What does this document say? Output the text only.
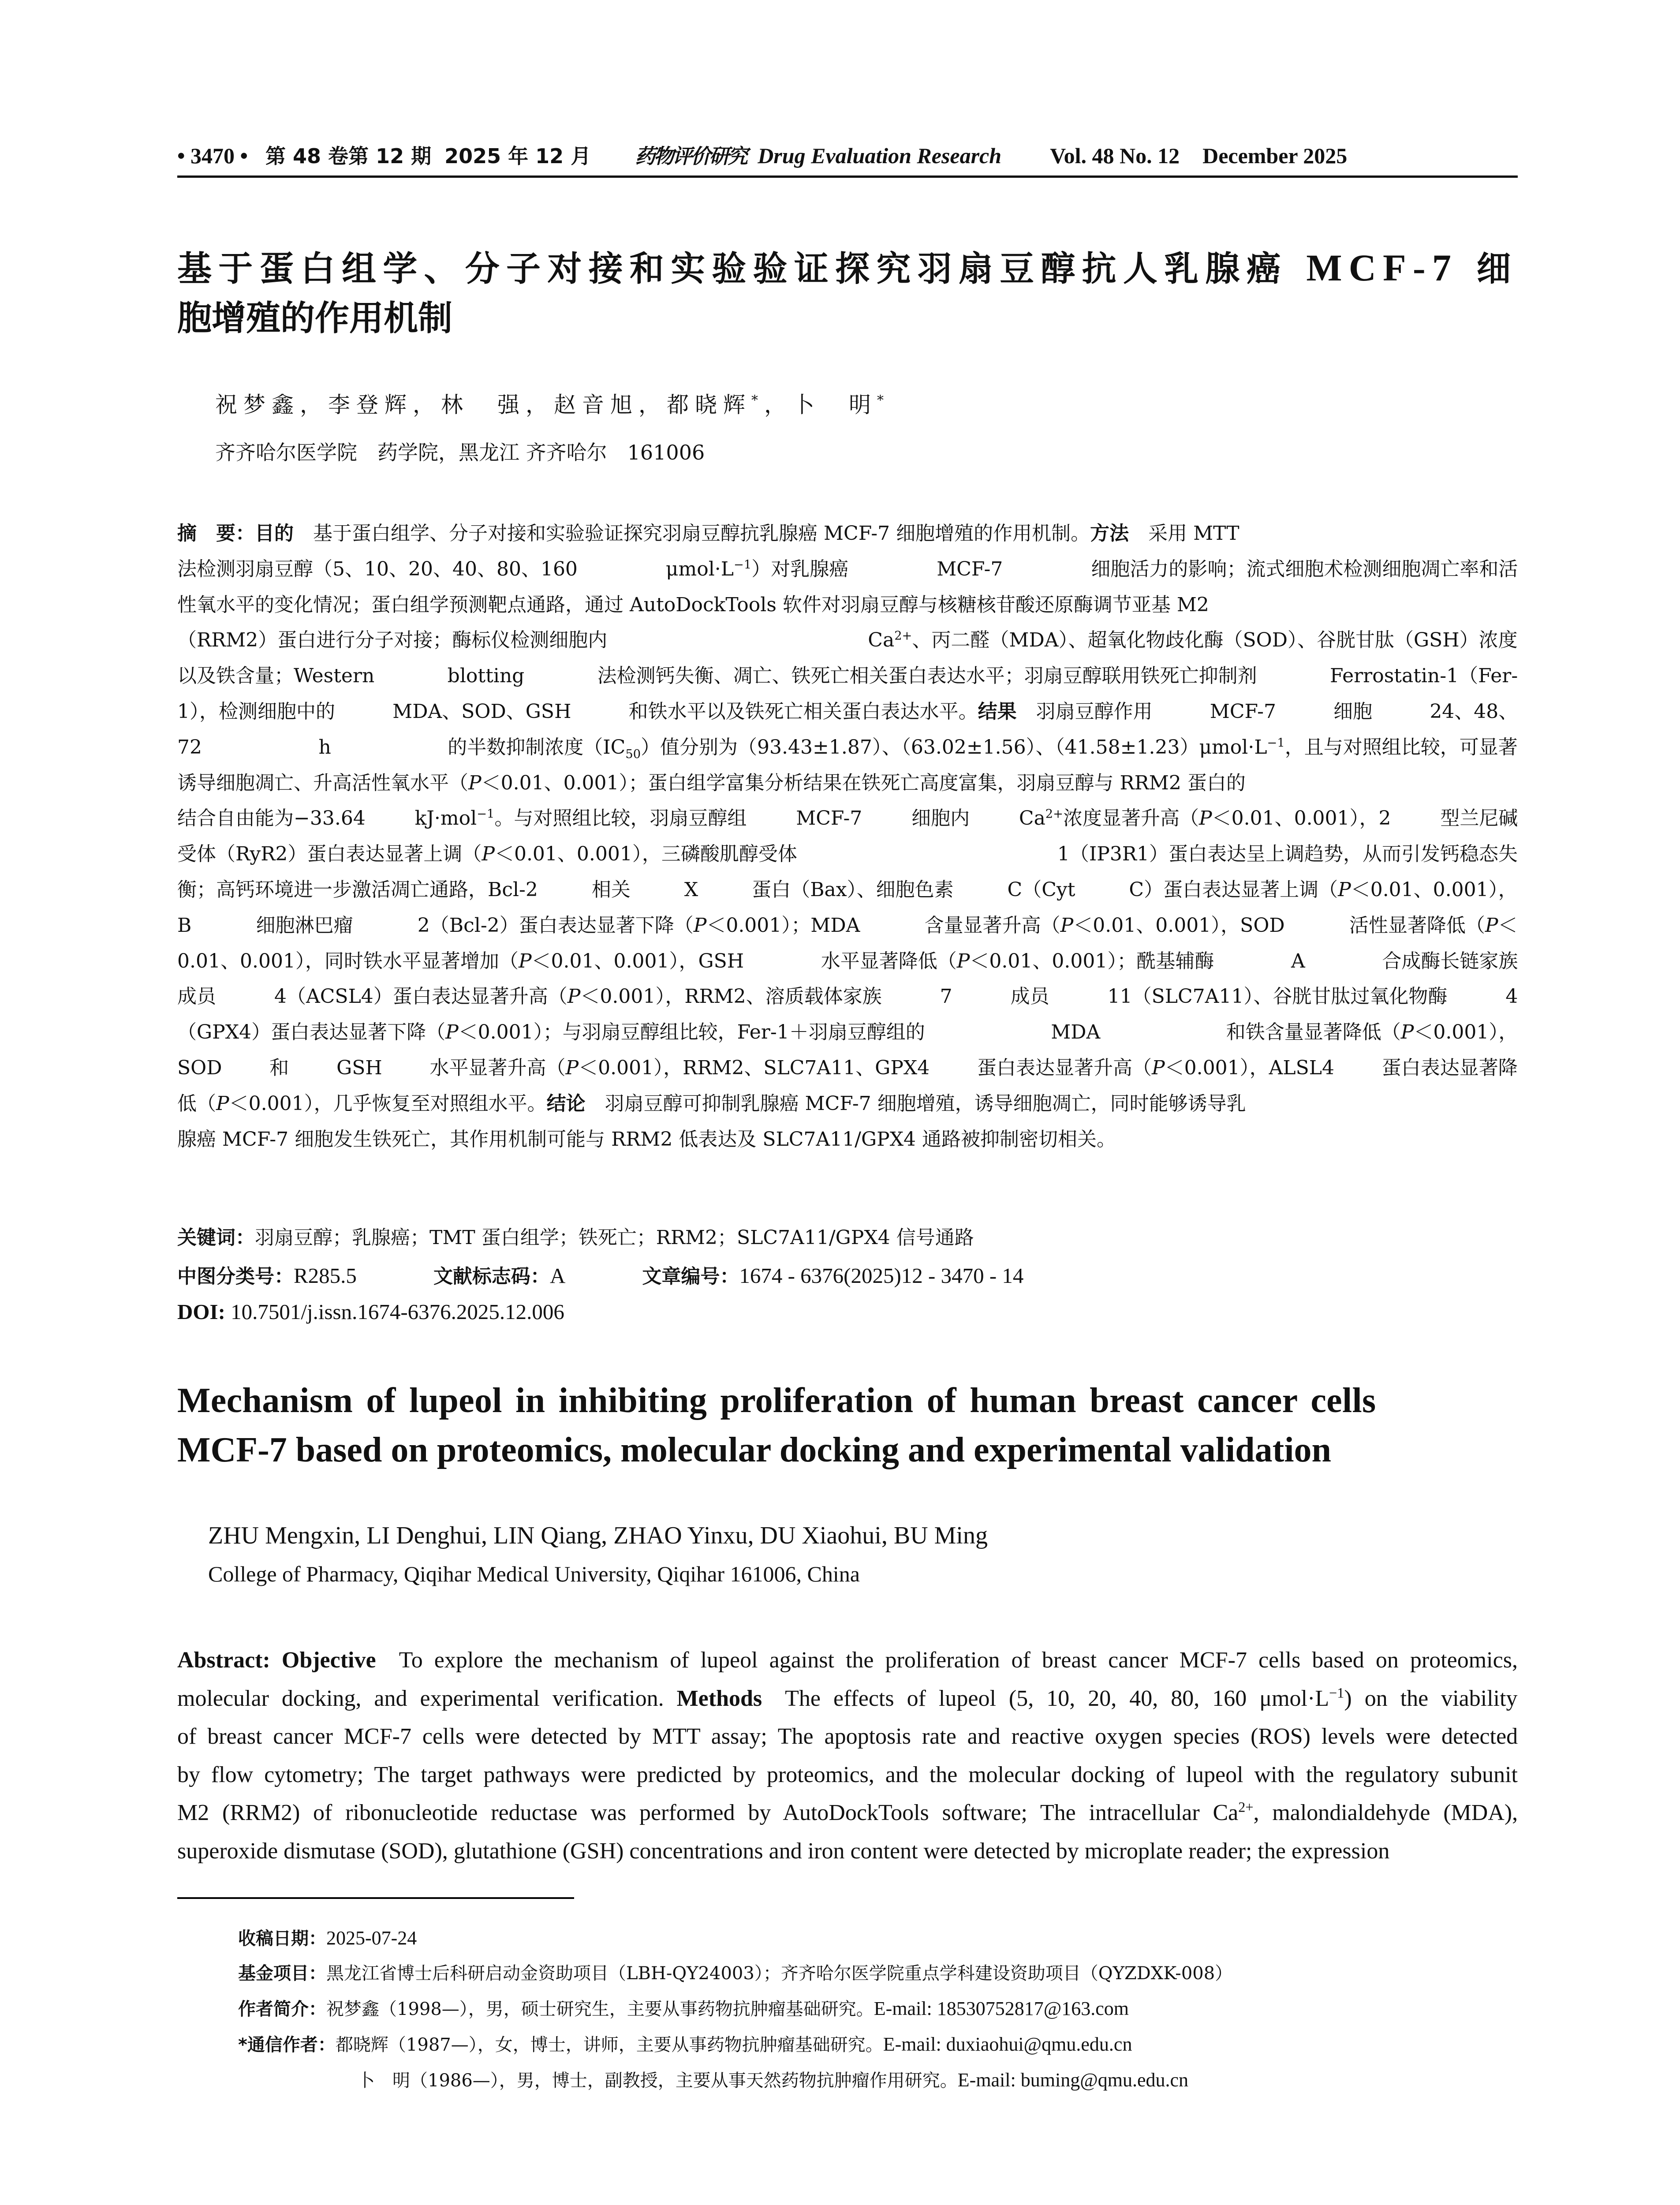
• 3470 • 第 48 卷第 12 期 2025 年 12 月 药物评价研究 Drug Evaluation Research Vol. 48 No. 12 December 2025
基于蛋白组学、分子对接和实验验证探究羽扇豆醇抗人乳腺癌 MCF-7 细
胞增殖的作用机制
祝梦鑫，李登辉，林　强，赵音旭，都晓辉*，卜　明*
齐齐哈尔医学院　药学院，黑龙江 齐齐哈尔　161006
摘　要：目的　基于蛋白组学、分子对接和实验验证探究羽扇豆醇抗乳腺癌 MCF-7 细胞增殖的作用机制。方法　采用 MTT
法检测羽扇豆醇（5、10、20、40、80、160 $\mu mol\cdot L^{-1}$）对乳腺癌 MCF-7 细胞活力的影响；流式细胞术检测细胞凋亡率和活
性氧水平的变化情况；蛋白组学预测靶点通路，通过 AutoDockTools 软件对羽扇豆醇与核糖核苷酸还原酶调节亚基 M2
（RRM2）蛋白进行分子对接；酶标仪检测细胞内 $Ca^{2+}$、丙二醛（MDA）、超氧化物歧化酶（SOD）、谷胱甘肽（GSH）浓度
以及铁含量；Western blotting 法检测钙失衡、凋亡、铁死亡相关蛋白表达水平；羽扇豆醇联用铁死亡抑制剂 Ferrostatin-1（Fer-
1），检测细胞中的 MDA、SOD、GSH 和铁水平以及铁死亡相关蛋白表达水平。结果　羽扇豆醇作用 MCF-7 细胞 24、48、
72 h 的半数抑制浓度$(IC_{50})$值分别为（93.43±1.87）、（63.02±1.56）、$(41.58\pm 1.23)\mu mol\cdot L^{-1}$，且与对照组比较，可显著
诱导细胞凋亡、升高活性氧水平（P＜0.01、0.001）；蛋白组学富集分析结果在铁死亡高度富集，羽扇豆醇与 RRM2 蛋白的
结合自由能为−33.64 kJ·mol$^{-1}$。与对照组比较，羽扇豆醇组 MCF-7 细胞内 $Ca^{2+}$浓度显著升高（P＜0.01、0.001），2 型兰尼碱
受体（RyR2）蛋白表达显著上调（P＜0.01、0.001），三磷酸肌醇受体 1（IP3R1）蛋白表达呈上调趋势，从而引发钙稳态失
衡；高钙环境进一步激活凋亡通路，Bcl-2 相关 X 蛋白（Bax）、细胞色素 C（Cyt C）蛋白表达显著上调（P＜0.01、0.001），
B 细胞淋巴瘤 2（Bcl-2）蛋白表达显著下降（P＜0.001）；MDA 含量显著升高（P＜0.01、0.001），SOD 活性显著降低（P＜
0.01、0.001），同时铁水平显著增加（P＜0.01、0.001），GSH 水平显著降低（P＜0.01、0.001）；酰基辅酶 A 合成酶长链家族
成员 4（ACSL4）蛋白表达显著升高（P＜0.001），RRM2、溶质载体家族 7 成员 11（SLC7A11）、谷胱甘肽过氧化物酶 4
（GPX4）蛋白表达显著下降（P＜0.001）；与羽扇豆醇组比较，Fer-1＋羽扇豆醇组的 MDA 和铁含量显著降低（P＜0.001），
SOD 和 GSH 水平显著升高（P＜0.001），RRM2、SLC7A11、GPX4 蛋白表达显著升高（P＜0.001），ALSL4 蛋白表达显著降
低（P＜0.001），几乎恢复至对照组水平。结论　羽扇豆醇可抑制乳腺癌 MCF-7 细胞增殖，诱导细胞凋亡，同时能够诱导乳
腺癌 MCF-7 细胞发生铁死亡，其作用机制可能与 RRM2 低表达及 SLC7A11/GPX4 通路被抑制密切相关。
关键词：羽扇豆醇；乳腺癌；TMT 蛋白组学；铁死亡；RRM2；SLC7A11/GPX4 信号通路
中图分类号：R285.5	文献标志码：A	文章编号：1674 - 6376(2025)12 - 3470 - 14
DOI: 10.7501/j.issn.1674-6376.2025.12.006
Mechanism of lupeol in inhibiting proliferation of human breast cancer cells
MCF-7 based on proteomics, molecular docking and experimental validation
ZHU Mengxin, LI Denghui, LIN Qiang, ZHAO Yinxu, DU Xiaohui, BU Ming
College of Pharmacy, Qiqihar Medical University, Qiqihar 161006, China
Abstract: Objective　To explore the mechanism of lupeol against the proliferation of breast cancer MCF-7 cells based on proteomics,
molecular docking, and experimental verification. Methods　The effects of lupeol (5, 10, 20, 40, 80, 160 $\mu mol\cdot L^{-1}$) on the viability
of breast cancer MCF-7 cells were detected by MTT assay; The apoptosis rate and reactive oxygen species (ROS) levels were detected
by flow cytometry; The target pathways were predicted by proteomics, and the molecular docking of lupeol with the regulatory subunit
M2 (RRM2) of ribonucleotide reductase was performed by AutoDockTools software; The intracellular $Ca^{2+}$, malondialdehyde (MDA),
superoxide dismutase (SOD), glutathione (GSH) concentrations and iron content were detected by microplate reader; the expression
收稿日期：2025-07-24
基金项目：黑龙江省博士后科研启动金资助项目（LBH-QY24003）；齐齐哈尔医学院重点学科建设资助项目（QYZDXK-008）
作者简介：祝梦鑫（1998—），男，硕士研究生，主要从事药物抗肿瘤基础研究。E-mail: 18530752817@163.com
*通信作者：都晓辉（1987—），女，博士，讲师，主要从事药物抗肿瘤基础研究。E-mail: duxiaohui@qmu.edu.cn
卜　明（1986—），男，博士，副教授，主要从事天然药物抗肿瘤作用研究。E-mail: buming@qmu.edu.cn
